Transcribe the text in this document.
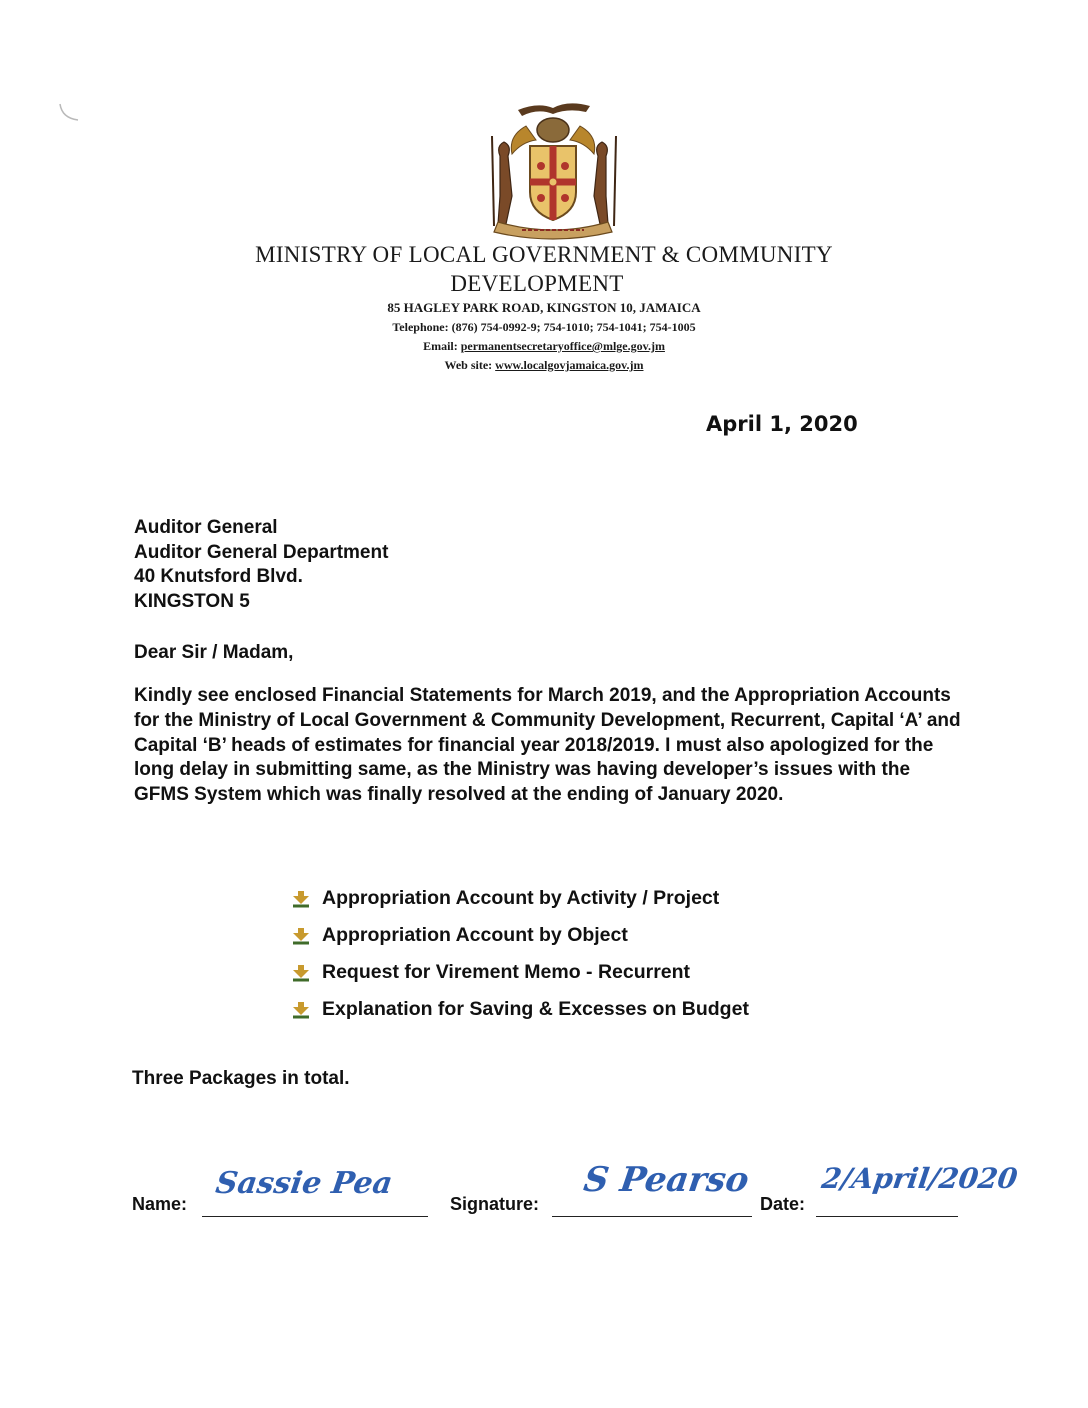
MINISTRY OF LOCAL GOVERNMENT & COMMUNITY
DEVELOPMENT
85 HAGLEY PARK ROAD, KINGSTON 10, JAMAICA
Telephone: (876) 754-0992-9; 754-1010; 754-1041; 754-1005
Email: permanentsecretaryoffice@mlge.gov.jm
Web site: www.localgovjamaica.gov.jm
April 1, 2020
Auditor General
Auditor General Department
40 Knutsford Blvd.
KINGSTON 5
Dear Sir / Madam,
Kindly see enclosed Financial Statements for March 2019, and the Appropriation Accounts for the Ministry of Local Government & Community Development, Recurrent, Capital ‘A’ and Capital ‘B’ heads of estimates for financial year 2018/2019. I must also apologized for the long delay in submitting same, as the Ministry was having developer’s issues with the GFMS System which was finally resolved at the ending of January 2020.
Appropriation Account by Activity / Project
Appropriation Account by Object
Request for Virement Memo - Recurrent
Explanation for Saving & Excesses on Budget
Three Packages in total.
Name:
Sassie Pea
Signature:
S Pearso
Date:
2/April/2020
